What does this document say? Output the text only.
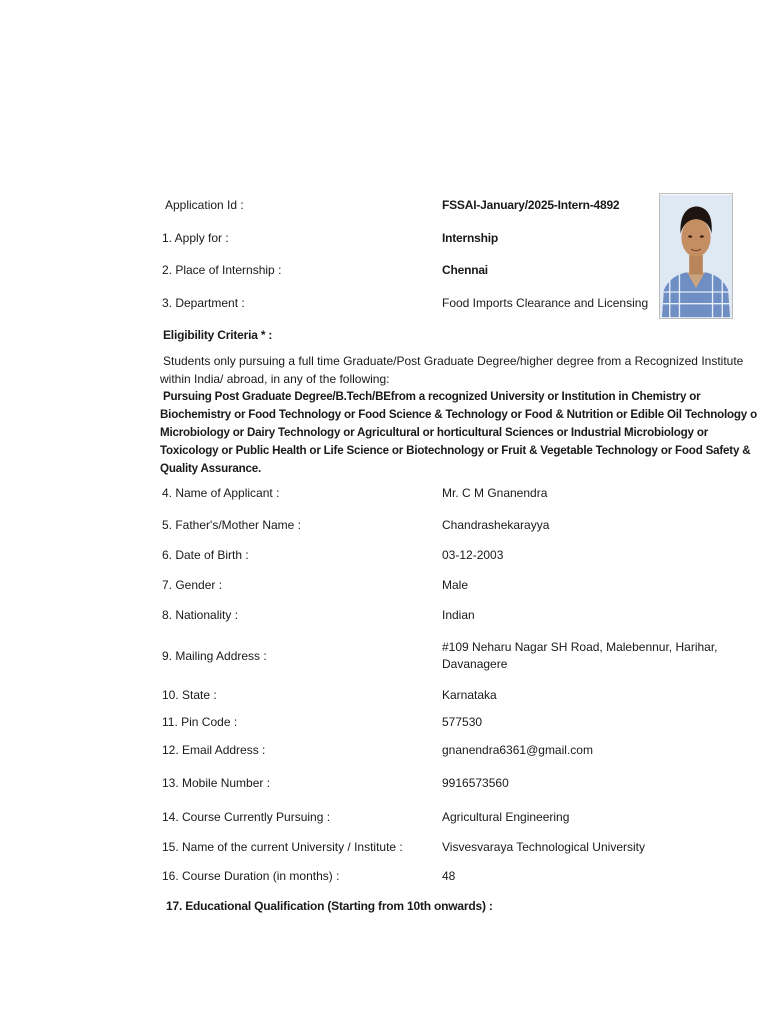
Application Id :	FSSAI-January/2025-Intern-4892
1. Apply for :	Internship
2. Place of Internship :	Chennai
3. Department :	Food Imports Clearance and Licensing
Eligibility Criteria * :
Students only pursuing a full time Graduate/Post Graduate Degree/higher degree from a Recognized Institute
within India/ abroad, in any of the following:
Pursuing Post Graduate Degree/B.Tech/BEfrom a recognized University or Institution in Chemistry or
Biochemistry or Food Technology or Food Science & Technology or Food & Nutrition or Edible Oil Technology o
Microbiology or Dairy Technology or Agricultural or horticultural Sciences or Industrial Microbiology or
Toxicology or Public Health or Life Science or Biotechnology or Fruit & Vegetable Technology or Food Safety &
Quality Assurance.
4. Name of Applicant :	Mr. C M Gnanendra
5. Father's/Mother Name :	Chandrashekarayya
6. Date of Birth :	03-12-2003
7. Gender :	Male
8. Nationality :	Indian
9. Mailing Address :
#109 Neharu Nagar SH Road, Malebennur, Harihar,
Davanagere
10. State :	Karnataka
11. Pin Code :	577530
12. Email Address :	gnanendra6361@gmail.com
13. Mobile Number :	9916573560
14. Course Currently Pursuing :	Agricultural Engineering
15. Name of the current University / Institute :	Visvesvaraya Technological University
16. Course Duration (in months) :	48
17. Educational Qualification (Starting from 10th onwards) :
